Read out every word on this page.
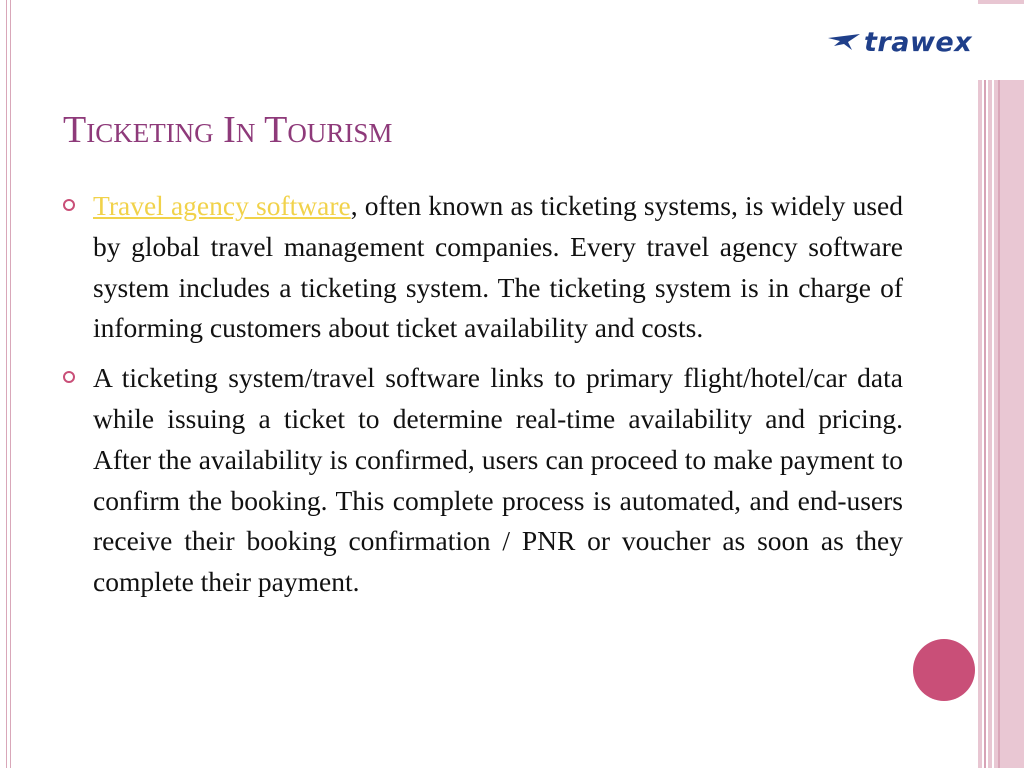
trawex
Ticketing In Tourism

Travel agency software, often known as ticketing systems, is widely used by global travel management companies. Every travel agency software system includes a ticketing system. The ticketing system is in charge of informing customers about ticket availability and costs.

A ticketing system/travel software links to primary flight/hotel/car data while issuing a ticket to determine real-time availability and pricing. After the availability is confirmed, users can proceed to make payment to confirm the booking. This complete process is automated, and end-users receive their booking confirmation / PNR or voucher as soon as they complete their payment.
